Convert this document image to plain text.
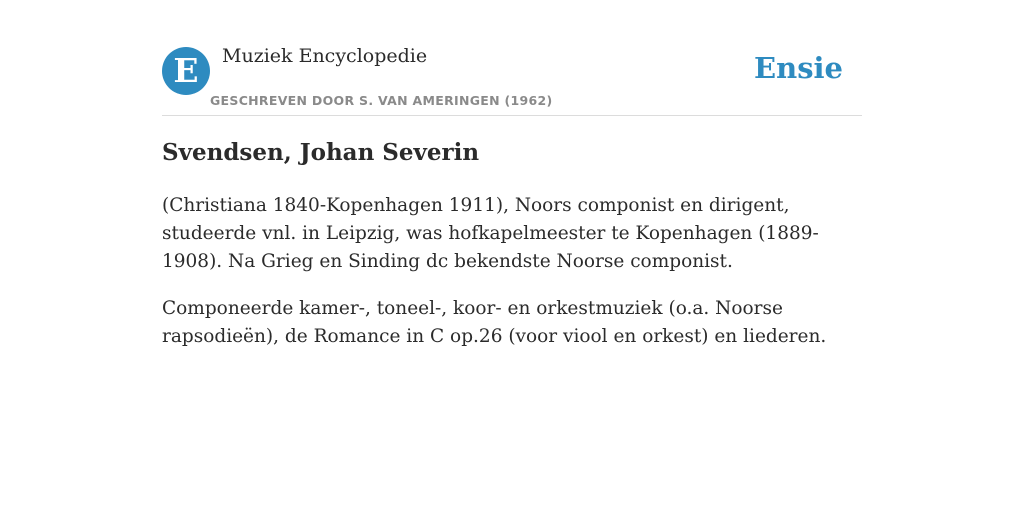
E	Muziek Encyclopedie
GESCHREVEN DOOR S. VAN AMERINGEN (1962)
Ensie
Svendsen, Johan Severin

(Christiana 1840-Kopenhagen 1911), Noors componist en dirigent, studeerde vnl. in Leipzig, was hofkapelmeester te Kopenhagen (1889-1908). Na Grieg en Sinding dc bekendste Noorse componist.

Componeerde kamer-, toneel-, koor- en orkestmuziek (o.a. Noorse rapsodieën), de Romance in C op.26 (voor viool en orkest) en liederen.
